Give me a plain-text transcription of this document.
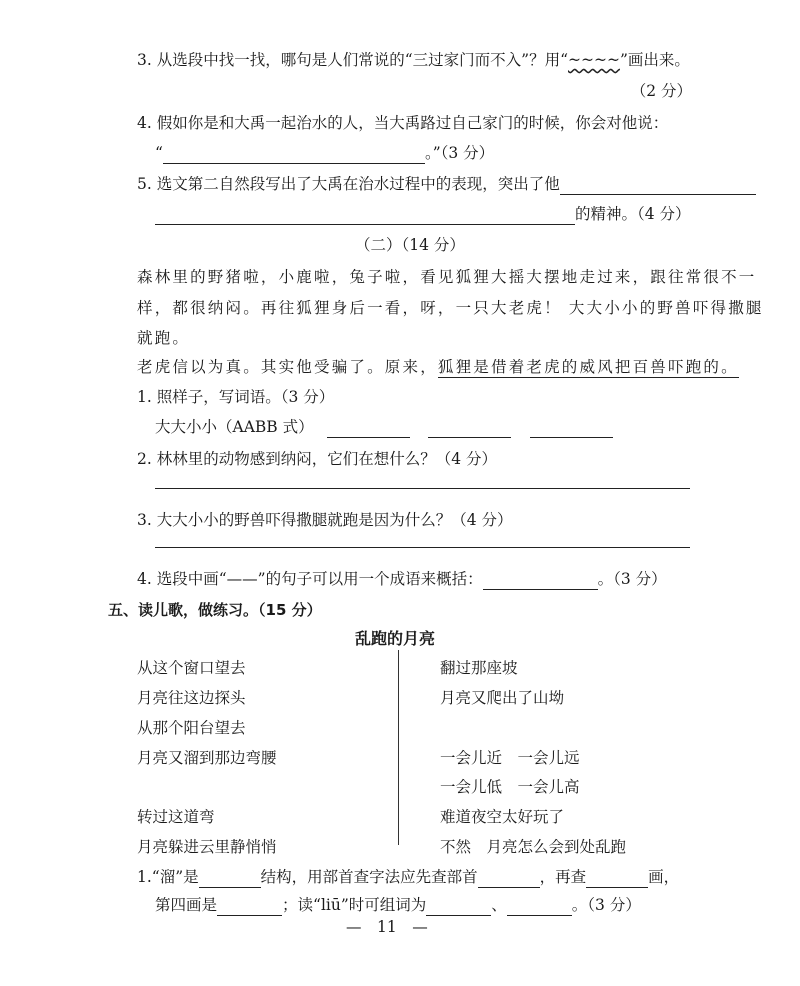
3. 从选段中找一找，哪句是人们常说的“三过家门而不入”？用“~~~~”画出来。
（2 分）
4. 假如你是和大禹一起治水的人，当大禹路过自己家门的时候，你会对他说：
“	。”（3 分）
5. 选文第二自然段写出了大禹在治水过程中的表现，突出了他
的精神。（4 分）
（二）（14 分）
森林里的野猪啦，小鹿啦，兔子啦，看见狐狸大摇大摆地走过来，跟往常很不一
样，都很纳闷。再往狐狸身后一看，呀，一只大老虎！ 大大小小的野兽吓得撒腿
就跑。
老虎信以为真。其实他受骗了。原来，狐狸是借着老虎的威风把百兽吓跑的。
1. 照样子，写词语。（3 分）
大大小小（AABB 式）
2. 林林里的动物感到纳闷，它们在想什么？（4 分）
3. 大大小小的野兽吓得撒腿就跑是因为什么？（4 分）
4. 选段中画“——”的句子可以用一个成语来概括：	。（3 分）
五、读儿歌，做练习。（15 分）
乱跑的月亮
从这个窗口望去
月亮往这边探头
从那个阳台望去
月亮又溜到那边弯腰
转过这道弯
月亮躲进云里静悄悄
翻过那座坡
月亮又爬出了山坳
一会儿近　一会儿远
一会儿低　一会儿高
难道夜空太好玩了
不然　月亮怎么会到处乱跑
1.“溜”是	结构，用部首查字法应先查部首	，再查	画，
第四画是	；读“liū”时可组词为	、	。（3 分）
—　11　—
